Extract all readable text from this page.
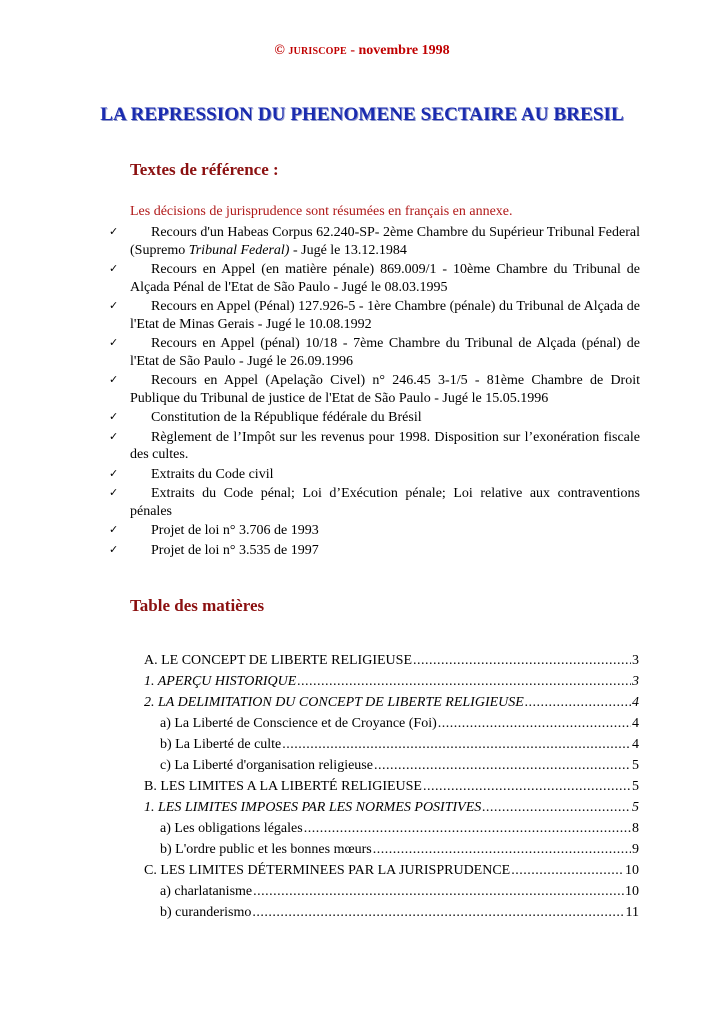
© JURISCOPE - novembre 1998
LA REPRESSION DU PHENOMENE SECTAIRE AU BRESIL
Textes de référence :
Les décisions de jurisprudence sont résumées en français en annexe.
✓ Recours d'un Habeas Corpus 62.240-SP- 2ème Chambre du Supérieur Tribunal Federal (Supremo Tribunal Federal) - Jugé le 13.12.1984
✓ Recours en Appel (en matière pénale) 869.009/1 - 10ème Chambre du Tribunal de Alçada Pénal de l'Etat de São Paulo - Jugé le 08.03.1995
✓ Recours en Appel (Pénal) 127.926-5 - 1ère Chambre (pénale) du Tribunal de Alçada de l'Etat de Minas Gerais - Jugé le 10.08.1992
✓ Recours en Appel (pénal) 10/18 - 7ème Chambre du Tribunal de Alçada (pénal) de l'Etat de São Paulo - Jugé le 26.09.1996
✓ Recours en Appel (Apelação Civel) n° 246.45 3-1/5 - 81ème Chambre de Droit Publique du Tribunal de justice de l'Etat de São Paulo - Jugé le 15.05.1996
✓ Constitution de la République fédérale du Brésil
✓ Règlement de l’Impôt sur les revenus pour 1998. Disposition sur l’exonération fiscale des cultes.
✓ Extraits du Code civil
✓ Extraits du Code pénal; Loi d’Exécution pénale; Loi relative aux contraventions pénales
✓ Projet de loi n° 3.706 de 1993
✓ Projet de loi n° 3.535 de 1997
Table des matières
A. LE CONCEPT DE LIBERTE RELIGIEUSE .....	3
1. APERÇU HISTORIQUE .....	3
2. LA DELIMITATION DU CONCEPT DE LIBERTE RELIGIEUSE .....	4
a) La Liberté de Conscience et de Croyance (Foi) .....	4
b) La Liberté de culte .....	4
c) La Liberté d'organisation religieuse .....	5
B. LES LIMITES A LA LIBERTÉ RELIGIEUSE .....	5
1. LES LIMITES IMPOSES PAR LES NORMES POSITIVES .....	5
a) Les obligations légales .....	8
b) L'ordre public et les bonnes mœurs .....	9
C. LES LIMITES DÉTERMINEES PAR LA JURISPRUDENCE .....	10
a) charlatanisme .....	10
b) curanderismo .....	11
